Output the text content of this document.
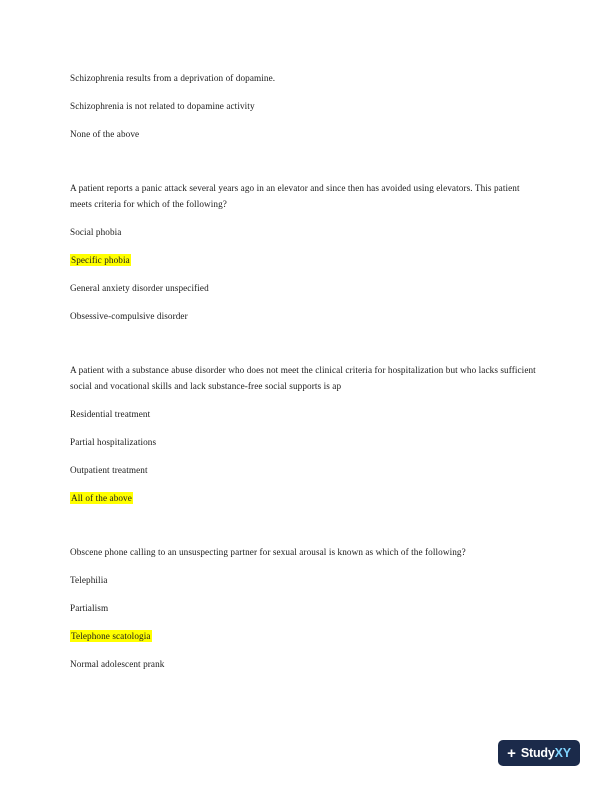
Schizophrenia results from a deprivation of dopamine.

Schizophrenia is not related to dopamine activity

None of the above

A patient reports a panic attack several years ago in an elevator and since then has avoided using elevators. This patient meets criteria for which of the following?

Social phobia

Specific phobia

General anxiety disorder unspecified

Obsessive-compulsive disorder

A patient with a substance abuse disorder who does not meet the clinical criteria for hospitalization but who lacks sufficient social and vocational skills and lack substance-free social supports is ap

Residential treatment

Partial hospitalizations

Outpatient treatment

All of the above

Obscene phone calling to an unsuspecting partner for sexual arousal is known as which of the following?

Telephilia

Partialism

Telephone scatologia

Normal adolescent prank

+ StudyXY
